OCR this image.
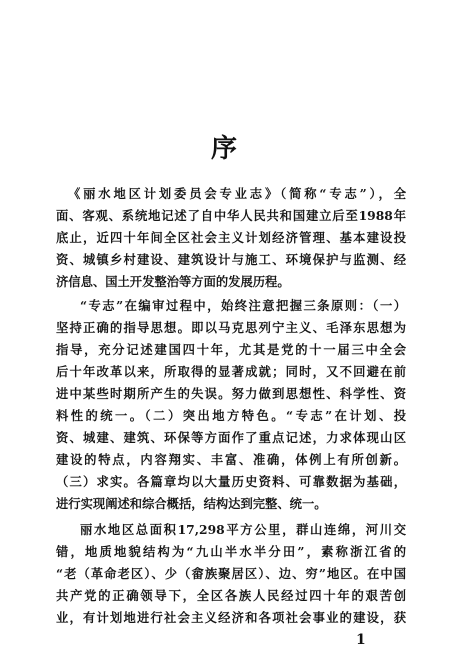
序
《丽水地区计划委员会专业志》（简称“专志”），全
面、客观、系统地记述了自中华人民共和国建立后至1988年
底止，近四十年间全区社会主义计划经济管理、基本建设投
资、城镇乡村建设、建筑设计与施工、环境保护与监测、经
济信息、国土开发整治等方面的发展历程。
“专志”在编审过程中，始终注意把握三条原则：（一）
坚持正确的指导思想。即以马克思列宁主义、毛泽东思想为
指导，充分记述建国四十年，尤其是党的十一届三中全会
后十年改革以来，所取得的显著成就；同时，又不回避在前
进中某些时期所产生的失误。努力做到思想性、科学性、资
料性的统一。（二）突出地方特色。“专志”在计划、投
资、城建、建筑、环保等方面作了重点记述，力求体现山区
建设的特点，内容翔实、丰富、准确，体例上有所创新。
（三）求实。各篇章均以大量历史资料、可靠数据为基础，
进行实现阐述和综合概括，结构达到完整、统一。
丽水地区总面积17,298平方公里，群山连绵，河川交
错，地质地貌结构为“九山半水半分田”，素称浙江省的
“老（革命老区）、少（畲族聚居区）、边、穷”地区。在中国
共产党的正确领导下，全区各族人民经过四十年的艰苦创
业，有计划地进行社会主义经济和各项社会事业的建设，获
1
